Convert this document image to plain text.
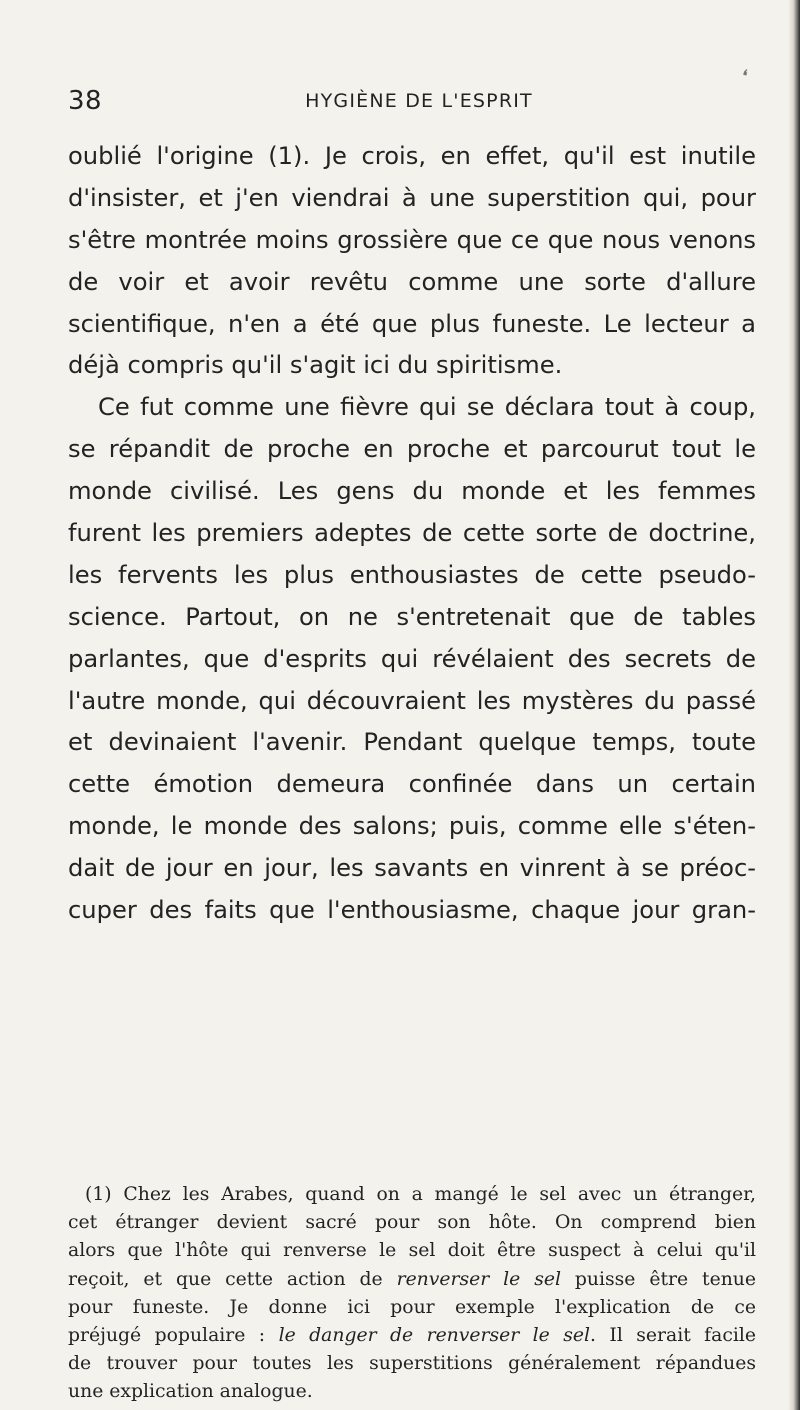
❛
38	HYGIÈNE DE L'ESPRIT
oublié l'origine (1). Je crois, en effet, qu'il est inutile
d'insister, et j'en viendrai à une superstition qui, pour
s'être montrée moins grossière que ce que nous venons
de voir et avoir revêtu comme une sorte d'allure
scientifique, n'en a été que plus funeste. Le lecteur a
déjà compris qu'il s'agit ici du spiritisme.
Ce fut comme une fièvre qui se déclara tout à coup,
se répandit de proche en proche et parcourut tout le
monde civilisé. Les gens du monde et les femmes
furent les premiers adeptes de cette sorte de doctrine,
les fervents les plus enthousiastes de cette pseudo-
science. Partout, on ne s'entretenait que de tables
parlantes, que d'esprits qui révélaient des secrets de
l'autre monde, qui découvraient les mystères du passé
et devinaient l'avenir. Pendant quelque temps, toute
cette émotion demeura confinée dans un certain
monde, le monde des salons; puis, comme elle s'éten-
dait de jour en jour, les savants en vinrent à se préoc-
cuper des faits que l'enthousiasme, chaque jour gran-
(1) Chez les Arabes, quand on a mangé le sel avec un étranger,
cet étranger devient sacré pour son hôte. On comprend bien
alors que l'hôte qui renverse le sel doit être suspect à celui qu'il
reçoit, et que cette action de renverser le sel puisse être tenue
pour funeste. Je donne ici pour exemple l'explication de ce
préjugé populaire : le danger de renverser le sel. Il serait facile
de trouver pour toutes les superstitions généralement répandues
une explication analogue.
